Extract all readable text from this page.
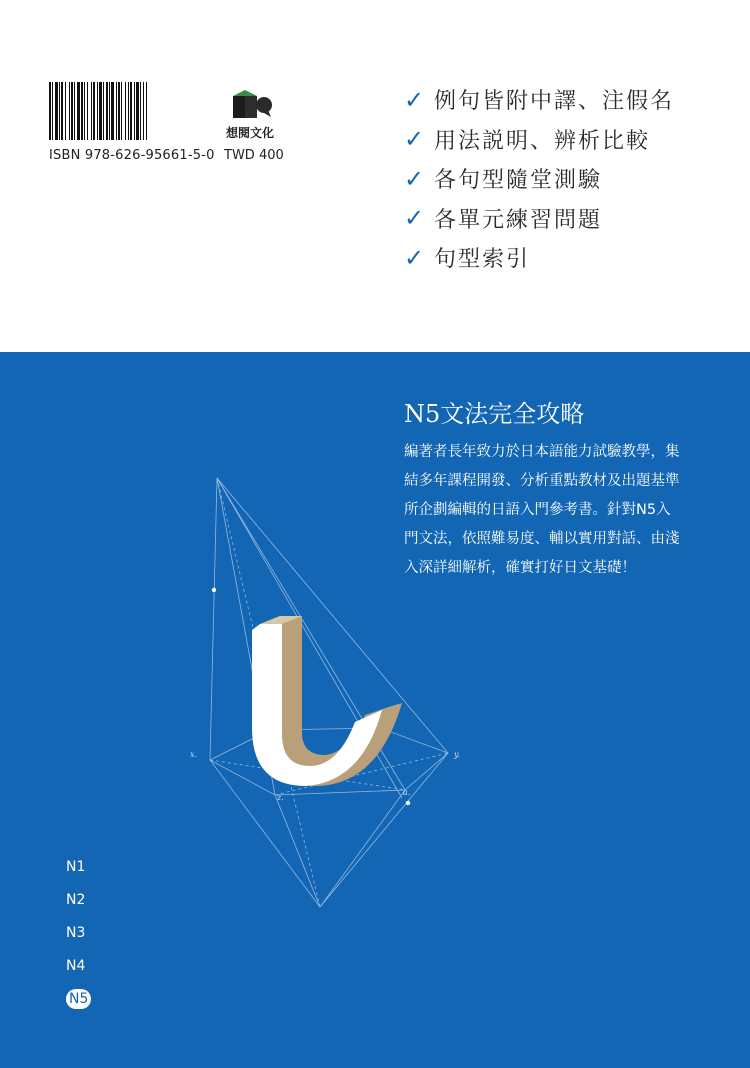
ISBN 978-626-95661-5-0
想閱文化
TWD 400
✓ 例句皆附中譯、注假名
✓ 用法説明、辨析比較
✓ 各句型隨堂測驗
✓ 各單元練習問題
✓ 句型索引
N5文法完全攻略
編著者長年致力於日本語能力試驗教學，集
結多年課程開發、分析重點教材及出題基準
所企劃編輯的日語入門參考書。針對N5入
門文法，依照難易度、輔以實用對話、由淺
入深詳細解析，確實打好日文基礎！
x.	y.
z.
a.
N1
N2
N3
N4
N5
